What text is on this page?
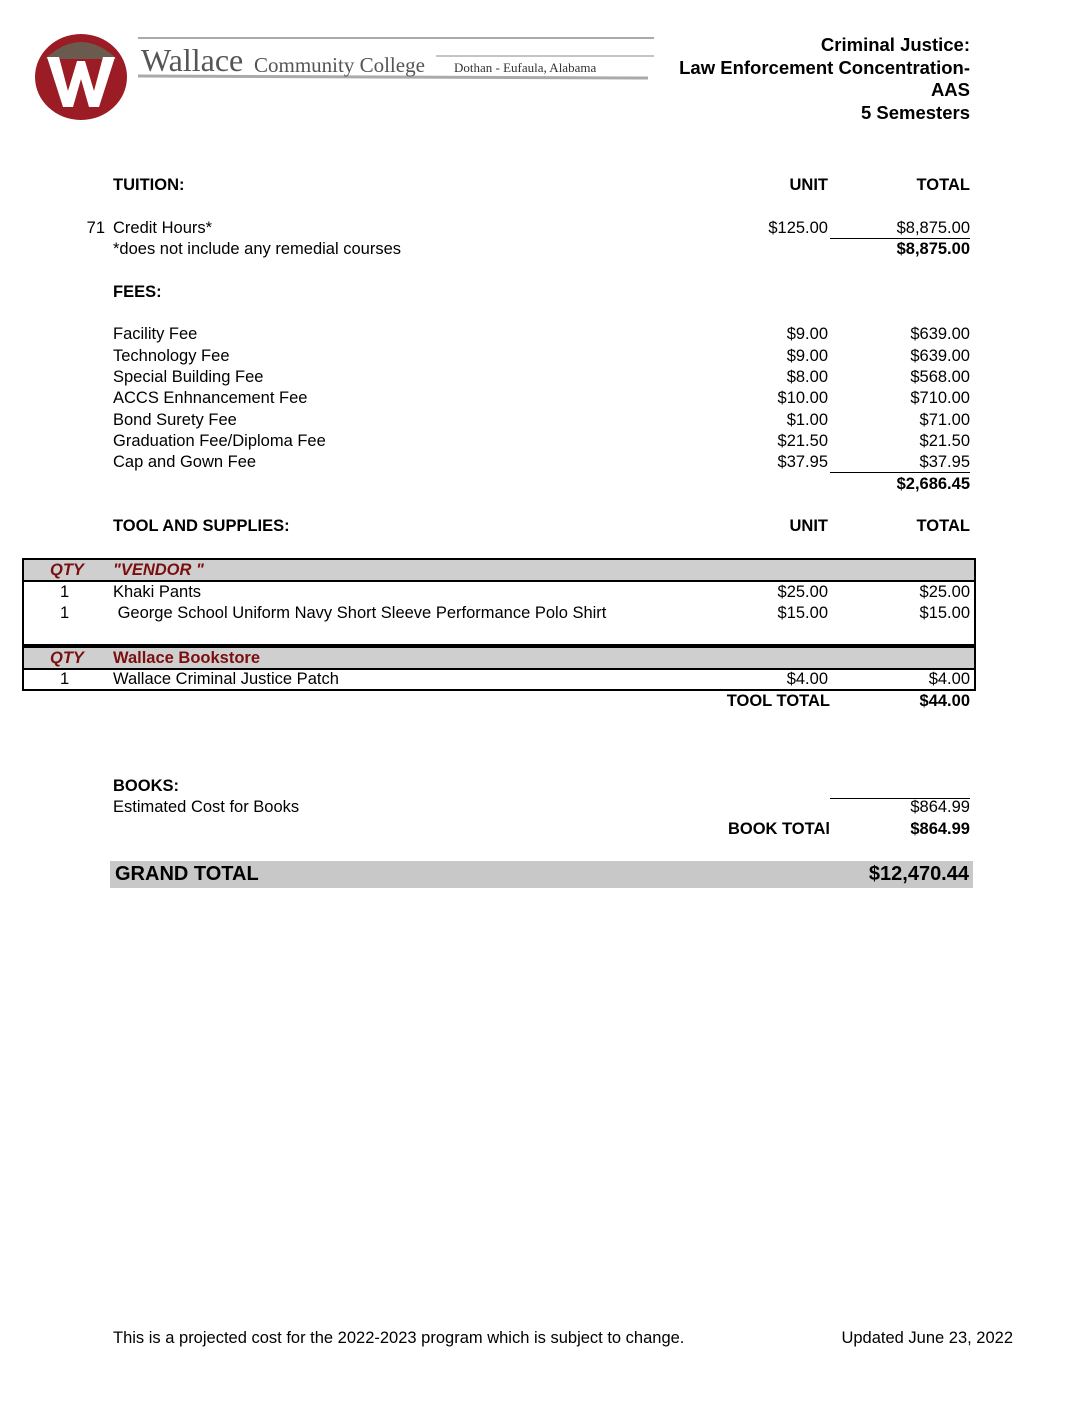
Wallace Community College Dothan - Eufaula, Alabama
Criminal Justice:
Law Enforcement Concentration-
AAS
5 Semesters
TUITION:	UNIT	TOTAL
71 Credit Hours*	$125.00	$8,875.00
*does not include any remedial courses	$8,875.00
FEES:
Facility Fee	$9.00	$639.00
Technology Fee	$9.00	$639.00
Special Building Fee	$8.00	$568.00
ACCS Enhnancement Fee	$10.00	$710.00
Bond Surety Fee	$1.00	$71.00
Graduation Fee/Diploma Fee	$21.50	$21.50
Cap and Gown Fee	$37.95	$37.95
$2,686.45
TOOL AND SUPPLIES:	UNIT	TOTAL
QTY "VENDOR "
1	Khaki Pants	$25.00	$25.00
1	George School Uniform Navy Short Sleeve Performance Polo Shirt	$15.00	$15.00
QTY Wallace Bookstore
1	Wallace Criminal Justice Patch	$4.00	$4.00
TOOL TOTAL	$44.00
BOOKS:
Estimated Cost for Books	$864.99
BOOK TOTAl	$864.99
GRAND TOTAL	$12,470.44
This is a projected cost for the 2022-2023 program which is subject to change.	Updated June 23, 2022
